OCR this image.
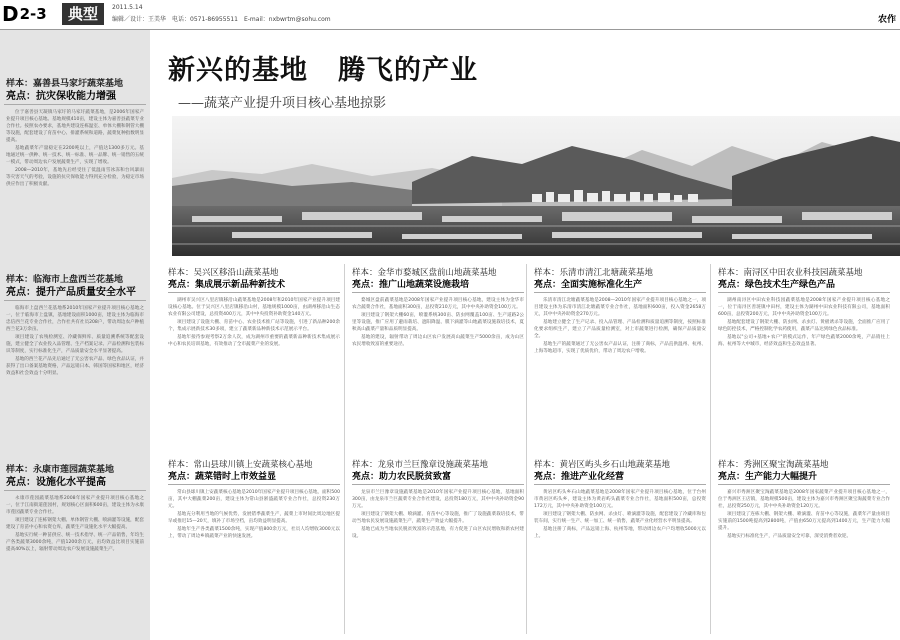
D 2-3	典型	2011.5.14
编辑／设计：王美华　电话：0571-86955511　E-mail：nxbwrtm@sohu.com	农作
样本：嘉善县马家圩蔬菜基地
亮点：抗灾保收能力增强

位于嘉善县天凝镇马家圩的马家圩蔬菜基地，是2006年国家产业提升项目核心基地。基地规模410亩，建设主体为嘉善县蔬菜专业合作社。按照农办要求，基地共建设连栋温室、单体大棚和钢管大棚等设施，配套建设了育苗中心、排灌系统和道路，蔬菜复种指数明显提高。

基地蔬菜年产量稳定在2200吨以上，产值达1300多万元。基地通过统一供种、统一技术、统一标准、统一品牌、统一销售的五统一模式，带动周边农户发展蔬菜生产，实现了增收。

2008—2010年，基地先后经受住了低温雨雪冰冻和台风暴雨等灾害天气的考验，设施的抗灾保收能力得到充分检验，为稳定市场供应作出了积极贡献。

样本：临海市上盘西兰花基地
亮点：提升产品质量安全水平

临海市上盘西兰花基地系2010年国家产业提升项目核心基地之一，位于临海市上盘镇，基地建设面积1000亩，建设主体为临海市忠信西兰花专业合作社，合作社共有社员208户，带动周边农户种植西兰花3万余亩。

项目建设了农残检测室、冷藏保鲜库、质量追溯系统等配套设施，建立健全了农业投入品管理、生产档案记录、产品检测和包装标识等制度，实行标准化生产，产品质量安全水平显著提高。

基地的西兰花产品先后通过了无公害农产品、绿色食品认证，并获得了出口备案基地资格，产品远销日本、韩国等国家和地区，经济效益和社会效益十分明显。

样本：永康市莲园蔬菜基地
亮点：设施化水平提高

永康市莲园蔬菜基地系2008年国家产业提升项目核心基地之一，位于江南街道莲园村，规划核心区面积600亩，建设主体为永康市莲园蔬菜专业合作社。

项目建设了连栋钢架大棚、单体钢管大棚、喷滴灌等设施，配套建设了育苗中心和农资仓库，蔬菜生产设施化水平大幅提高。

基地实行统一种苗供应、统一技术指导、统一产品销售，年均生产各类蔬菜3000余吨，产值1200余万元，亩均效益比项目实施前提高40%以上，辐射带动周边农户发展设施蔬菜生产。

新兴的基地 腾飞的产业
——蔬菜产业提升项目核心基地掠影
样本：吴兴区移沿山蔬菜基地
亮点：集成展示新品种新技术

湖州市吴兴区八里店镇移沿山蔬菜基地是2008年和2010年国家产业提升项目建设核心基地。位于吴兴区八里店镇移沿山村，基地规模1000亩，由湖州移沿山生态农业有限公司建设，总投资400万元，其中中央投资补助资金140万元。

项目建设了设施大棚、育苗中心、农业技术推广站等设施，引进了新品种200余个，集成示展新技术30多项，建立了蔬菜新品种新技术示范展示平台。

基地年接待参观考察2万余人次，成为湖州市重要的蔬菜新品种新技术集成展示中心和农民培训基地，有效推动了全市蔬菜产业的发展。

样本：金华市婺城区盘前山地蔬菜基地
亮点：推广山地蔬菜设施栽培

婺城区盘前蔬菜基地是2008年国家产业提升项目核心基地，建设主体为金华市农合蔬菜合作社，基地面积300亩，总投资210万元，其中中央补助资金100万元。

项目建设了钢架大棚60亩，喷灌系统300亩、防虫网覆盖100亩、生产道路2公里等设施，推广应用了避雨栽培、遮阳降温、膜下滴灌等山地蔬菜设施栽培技术，夏秋高山蔬菜产量和品质明显提高。

基地的建设，辐射带动了周边山区农户发展高山蔬菜生产5000余亩，成为山区农民增收致富的重要途径。

样本：乐清市清江北塘蔬菜基地
亮点：全面实施标准化生产

乐清市清江北塘蔬菜基地是2008—2010年国家产业提升项目核心基地之一，项目建设主体为乐清市清江北塘蔬菜专业合作社，基地面积600亩，投入资金2658万元，其中中央补助资金270万元。

基地建立健全了生产记录、投入品管理、产品检测和质量追溯等制度，按照标准化要求组织生产，建立了产品质量检测室，对上市蔬菜进行检测，确保产品质量安全。

基地生产的蔬菜通过了无公害农产品认证，注册了商标，产品直供温州、杭州、上海等地超市，实现了优质优价，带动了周边农户增收。

样本：南浔区中田农业科技园蔬菜基地
亮点：绿色技术生产绿色产品

湖州南浔区中田农业科技园蔬菜基地是2008年国家产业提升项目核心基地之一，位于南浔区善琏镇中田村，建设主体为湖州中田农业科技有限公司，基地面积600亩，总投资200万元，其中中央补助资金100万元。

基地配套建设了钢架大棚、防虫网、杀虫灯、黄板诱杀等设施，全面推广应用了绿色防控技术，严格控制化学农药使用，蔬菜产品达到绿色食品标准。

基地以"公司+基地+农户"的模式运作，年产绿色蔬菜2000余吨，产品销往上海、杭州等大中城市，经济效益和生态效益显著。

样本：常山县球川镇上安蔬菜核心基地
亮点：蔬菜错时上市效益显

常山县球川镇上安蔬菜核心基地是2010年国家产业提升项目核心基地，面积500亩，其中大棚蔬菜200亩，建设主体为常山县浙盛蔬菜专业合作社，总投资230万元。

基地充分利用当地的气候优势，发展错季蔬菜生产，蔬菜上市时间比周边地区提早或推迟15—20天，填补了市场空档，亩均效益明显提高。

基地年生产各类蔬菜1500余吨，实现产值800余万元，社员人均增收3000元以上，带动了周边乡镇蔬菜产业的快速发展。

样本：龙泉市兰巨豫章设施蔬菜基地
亮点：助力农民脱贫致富

龙泉市兰巨豫章设施蔬菜基地是2010年国家产业提升项目核心基地，基地面积300亩，由龙泉市兰巨蔬菜专业合作社建设，总投资180万元，其中中央补助资金90万元。

项目建设了钢架大棚、喷滴灌、育苗中心等设施，推广了设施蔬菜栽培技术，带动当地农民发展设施蔬菜生产，蔬菜生产效益大幅提升。

基地已成为当地农民脱贫致富的示范基地，有力促进了山区农民增收和新农村建设。

样本：黄岩区屿头乡石山地蔬菜基地
亮点：推进产业化经营

黄岩区屿头乡石山地蔬菜基地是2008年国家产业提升项目核心基地，位于台州市黄岩区屿头乡，建设主体为黄岩屿头蔬菜专业合作社，基地面积500亩，总投资172万元，其中中央补助资金100万元。

项目建设了钢架大棚、防虫网、杀虫灯、喷滴灌等设施，配套建设了冷藏库和包装车间，实行统一生产、统一加工、统一销售，蔬菜产业化经营水平明显提高。

基地注册了商标，产品远销上海、杭州等地，带动周边农户户均增收5000元以上。

样本：秀洲区聚宝淘蔬菜基地
亮点：生产能力大幅提升

嘉兴市秀洲区聚宝淘蔬菜基地是2008年国家蔬菜产业提升项目核心基地之一，位于秀洲区王店镇，基地规模500亩，建设主体为嘉兴市秀洲区聚宝淘蔬菜专业合作社，总投资250万元，其中中央补助资金120万元。

项目建设了连栋大棚、钢架大棚、喷滴灌、育苗中心等设施，蔬菜年产量由项目实施前的1500吨提高到2800吨，产值由650万元提高到1400万元，生产能力大幅提升。

基地实行标准化生产，产品质量安全可靠，深受消费者欢迎。
